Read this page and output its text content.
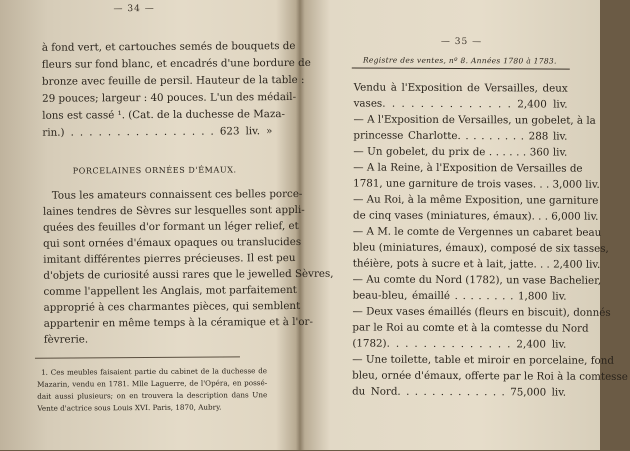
— 34 —
à fond vert, et cartouches semés de bouquets de
fleurs sur fond blanc, et encadrés d'une bordure de
bronze avec feuille de persil. Hauteur de la table :
29 pouces; largeur : 40 pouces. L'un des médail-
lons est cassé ¹. (Cat. de la duchesse de Maza-
rin.) . . . . . . . . . . . . . . . . 623 liv. »
PORCELAINES ORNÉES D'ÉMAUX.
Tous les amateurs connaissent ces belles porce-
laines tendres de Sèvres sur lesquelles sont appli-
quées des feuilles d'or formant un léger relief, et
qui sont ornées d'émaux opaques ou translucides
imitant différentes pierres précieuses. Il est peu
d'objets de curiosité aussi rares que le jewelled Sèvres,
comme l'appellent les Anglais, mot parfaitement
approprié à ces charmantes pièces, qui semblent
appartenir en même temps à la céramique et à l'or-
fèvrerie.
1. Ces meubles faisaient partie du cabinet de la duchesse de
Mazarin, vendu en 1781. Mlle Laguerre, de l'Opéra, en possé-
dait aussi plusieurs; on en trouvera la description dans Une
Vente d'actrice sous Louis XVI. Paris, 1870, Aubry.
— 35 —
Registre des ventes, nº 8. Années 1780 à 1783.
Vendu à l'Exposition de Versailles, deux
vases. . . . . . . . . . . . . . 2,400 liv.
— A l'Exposition de Versailles, un gobelet, à la
princesse Charlotte. . . . . . . . . 288 liv.
— Un gobelet, du prix de . . . . . . 360 liv.
— A la Reine, à l'Exposition de Versailles de
1781, une garniture de trois vases. . . 3,000 liv.
— Au Roi, à la même Exposition, une garniture
de cinq vases (miniatures, émaux). . . 6,000 liv.
— A M. le comte de Vergennes un cabaret beau
bleu (miniatures, émaux), composé de six tasses,
théière, pots à sucre et à lait, jatte. . . 2,400 liv.
— Au comte du Nord (1782), un vase Bachelier,
beau-bleu, émaillé . . . . . . . . 1,800 liv.
— Deux vases émaillés (fleurs en biscuit), donnés
par le Roi au comte et à la comtesse du Nord
(1782). . . . . . . . . . . . . . 2,400 liv.
— Une toilette, table et miroir en porcelaine, fond
bleu, ornée d'émaux, offerte par le Roi à la comtesse
du Nord. . . . . . . . . . . . . 75,000 liv.
